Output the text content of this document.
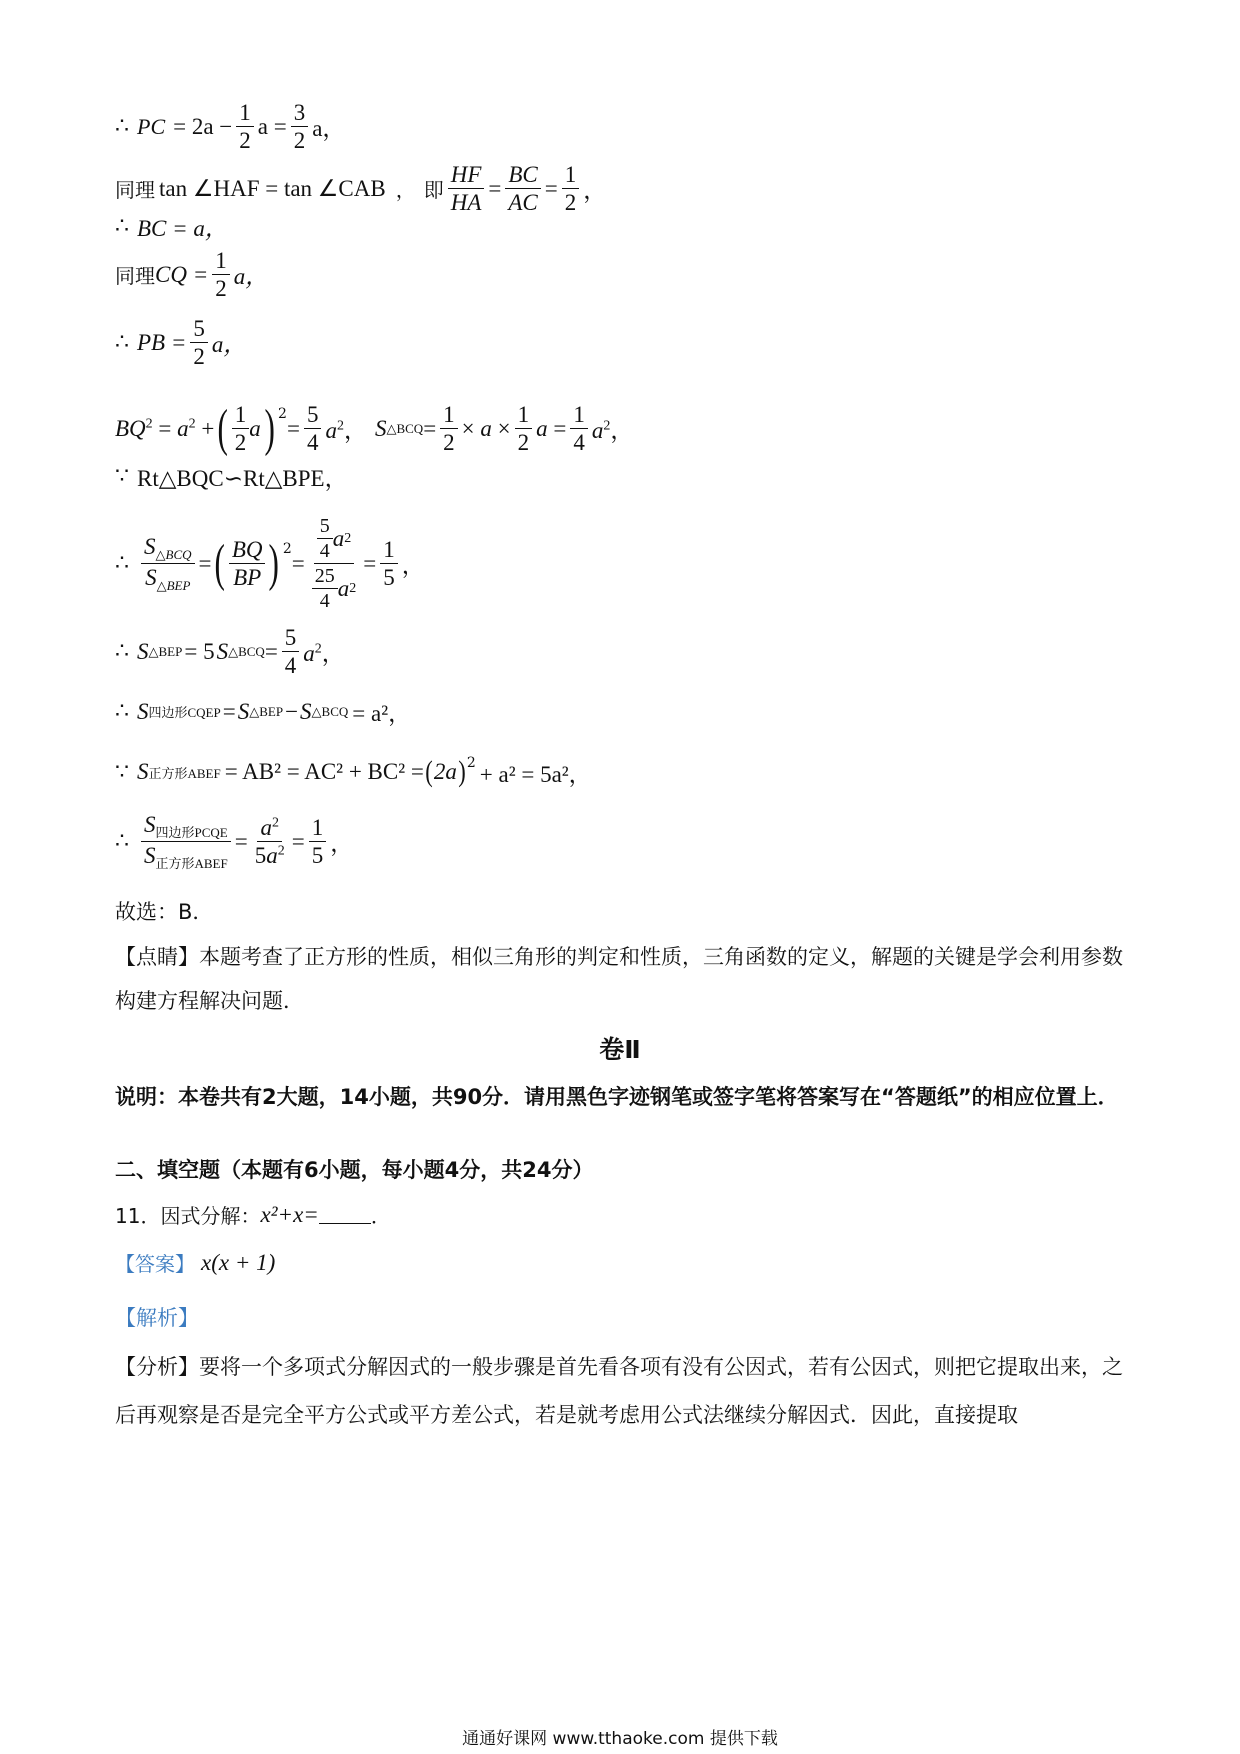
∴ PC = $2a - \frac{1}{2}$ $a = \frac{3}{2}$ a，
同理 tan ∠HAF = tan ∠CAB ， 即 $\frac{HF}{HA} = \frac{BC}{AC} = \frac{1}{2}$ ，
∴ BC = a，
同理 CQ = $\frac{1}{2}$ a，
∴ PB = $\frac{5}{2}$ a，
$BQ^2 = a^2$ + ( $\frac{1}{2}$ a )$^2$
= $\frac{5}{4} a^2$， S △BCQ = $\frac{1}{2} \times a \times \frac{1}{2}$ $a = \frac{1}{4} a^2$，
∵ Rt△BQC∽Rt△BPE，
∴ $\frac{S_{\triangle BCQ}}{S_{\triangle BEP}}$ = ( $\frac{BQ}{BP} )^2$
= $\frac{\frac{5}{4} a 2}{\frac{25}{4} a 2} = \frac{1}{5}$ ，
∴ S △BEP = 5 S △BCQ = $\frac{5}{4} a^2$，
∴ S 四边形CQEP = S △BEP − S △BCQ = a²，
∵ S 正方形ABEF = AB² = AC² + BC² = ( 2a )$^2$ + a² = 5a²，
∴ $\frac{S_{四边形PCQE}}{S_{正方形ABEF}} = \frac{a^2}{5a^2} = \frac{1}{5}$ ，
故选：B．
【点睛】本题考查了正方形的性质，相似三角形的判定和性质，三角函数的定义，解题的关键是学会利用参数构建方程解决问题．
卷Ⅱ
说明：本卷共有2大题，14小题，共90分．请用黑色字迹钢笔或签字笔将答案写在“答题纸”的相应位置上．
二、填空题（本题有6小题，每小题4分，共24分）
11．因式分解： x²+x=	．
【答案】 x(x + 1)
【解析】
【分析】要将一个多项式分解因式的一般步骤是首先看各项有没有公因式，若有公因式，则把它提取出来，之后再观察是否是完全平方公式或平方差公式，若是就考虑用公式法继续分解因式．因此，直接提取
通通好课网 www.tthaoke.com 提供下载
